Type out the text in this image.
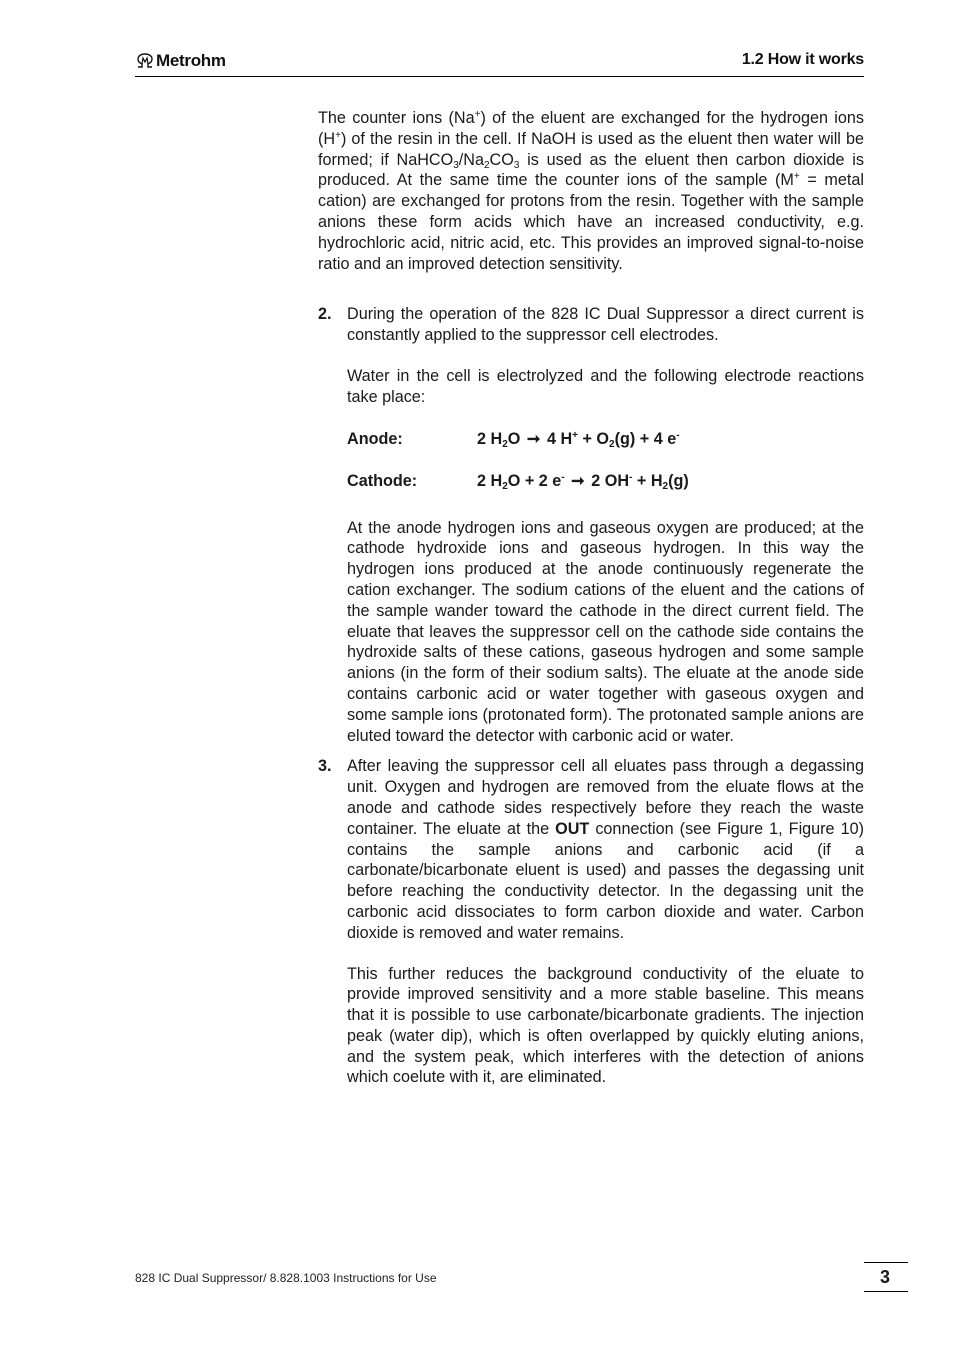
Metrohm	1.2 How it works

The counter ions (Na+) of the eluent are exchanged for the hydrogen ions (H+) of the resin in the cell. If NaOH is used as the eluent then water will be formed; if $NaHCO_3/Na_2CO_3$ is used as the eluent then carbon dioxide is produced. At the same time the counter ions of the sample (M+ = metal cation) are exchanged for protons from the resin. Together with the sample anions these form acids which have an increased conductivity, e.g. hydrochloric acid, nitric acid, etc. This provides an improved signal-to-noise ratio and an improved detection sensitivity.

2. During the operation of the 828 IC Dual Suppressor a direct current is constantly applied to the suppressor cell electrodes.

Water in the cell is electrolyzed and the following electrode reactions take place:

Anode:	2 $H_2O$ ➞ 4 $H^+ + O_2(g) + 4$ e-
Cathode:	2 $H_2O + 2$ e- ➞ 2 $OH^- + H_2(g)$

At the anode hydrogen ions and gaseous oxygen are produced; at the cathode hydroxide ions and gaseous hydrogen. In this way the hydrogen ions produced at the anode continuously regenerate the cation exchanger. The sodium cations of the eluent and the cations of the sample wander toward the cathode in the direct current field. The eluate that leaves the suppressor cell on the cathode side contains the hydroxide salts of these cations, gaseous hydrogen and some sample anions (in the form of their sodium salts). The eluate at the anode side contains carbonic acid or water together with gaseous oxygen and some sample ions (protonated form). The protonated sample anions are eluted toward the detector with carbonic acid or water.

3. After leaving the suppressor cell all eluates pass through a degassing unit. Oxygen and hydrogen are removed from the eluate flows at the anode and cathode sides respectively before they reach the waste container. The eluate at the OUT connection (see Figure 1, Figure 10) contains the sample anions and carbonic acid (if a carbonate/bicarbonate eluent is used) and passes the degassing unit before reaching the conductivity detector. In the degassing unit the carbonic acid dissociates to form carbon dioxide and water. Carbon dioxide is removed and water remains.

This further reduces the background conductivity of the eluate to provide improved sensitivity and a more stable baseline. This means that it is possible to use carbonate/bicarbonate gradients. The injection peak (water dip), which is often overlapped by quickly eluting anions, and the system peak, which interferes with the detection of anions which coelute with it, are eliminated.

828 IC Dual Suppressor/ 8.828.1003 Instructions for Use	3
